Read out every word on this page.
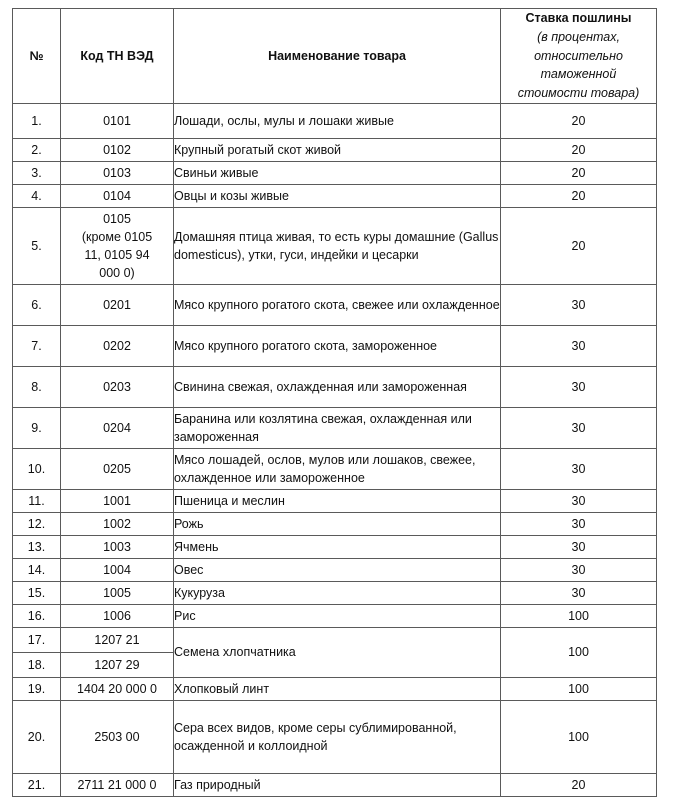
№	Код ТН ВЭД	Наименование товара	Ставка пошлины
(в процентах,
относительно
таможенной
стоимости товара)

1.	0101	Лошади, ослы, мулы и лошаки живые	20
2.	0102	Крупный рогатый скот живой	20
3.	0103	Свиньи живые	20
4.	0104	Овцы и козы живые	20
5.	0105
(кроме 0105
11, 0105 94
000 0)	Домашняя птица живая, то есть куры домашние (Gallus domesticus), утки, гуси, индейки и цесарки	20
6.	0201	Мясо крупного рогатого скота, свежее или охлажденное	30
7.	0202	Мясо крупного рогатого скота, замороженное	30
8.	0203	Свинина свежая, охлажденная или замороженная	30
9.	0204	Баранина или козлятина свежая, охлажденная или замороженная	30
10.	0205	Мясо лошадей, ослов, мулов или лошаков, свежее, охлажденное или замороженное	30
11.	1001	Пшеница и меслин	30
12.	1002	Рожь	30
13.	1003	Ячмень	30
14.	1004	Овес	30
15.	1005	Кукуруза	30
16.	1006	Рис	100
17.	1207 21	Семена хлопчатника	100
18.	1207 29		
19.	1404 20 000 0	Хлопковый линт	100
20.	2503 00	Сера всех видов, кроме серы сублимированной, осажденной и коллоидной	100
21.	2711 21 000 0	Газ природный	20
